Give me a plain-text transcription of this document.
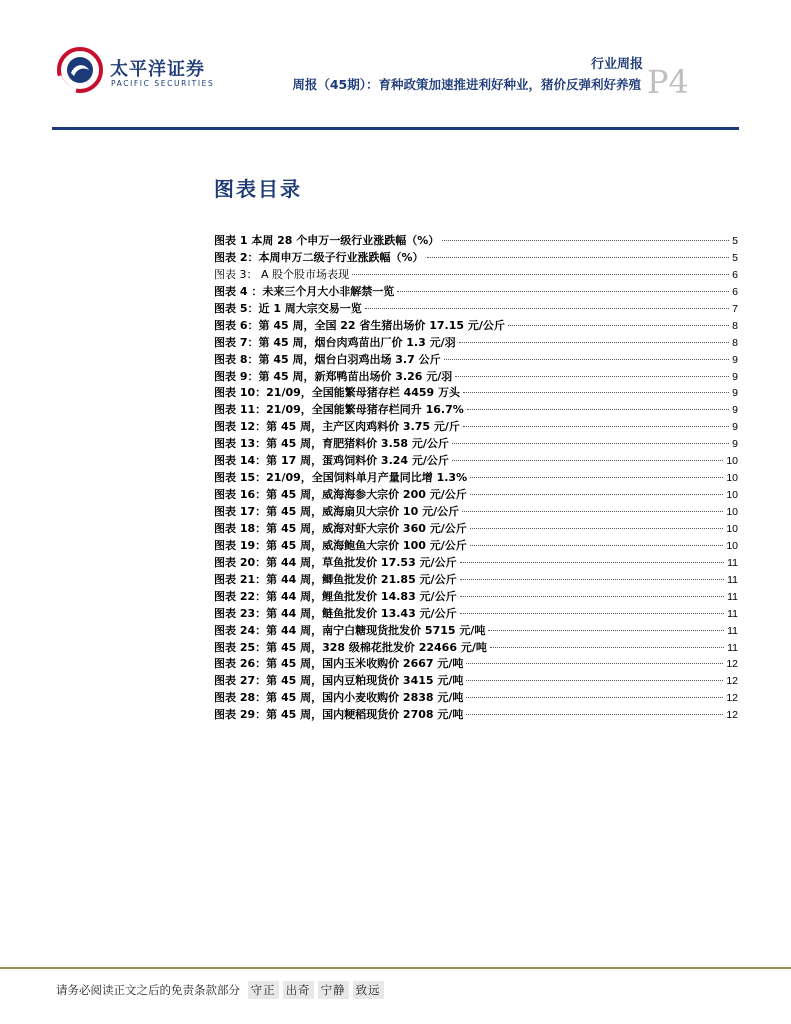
太平洋证券
PACIFIC SECURITIES
行业周报
周报（45期）：育种政策加速推进利好种业，猪价反弹利好养殖 P4
图表目录
图表 1 本周 28 个申万一级行业涨跌幅（%）	5
图表 2：本周申万二级子行业涨跌幅（%）	5
图表 3： A 股个股市场表现	6
图表 4 ：未来三个月大小非解禁一览	6
图表 5：近 1 周大宗交易一览	7
图表 6：第 45 周，全国 22 省生猪出场价 17.15 元/公斤	8
图表 7：第 45 周，烟台肉鸡苗出厂价 1.3 元/羽	8
图表 8：第 45 周，烟台白羽鸡出场 3.7 公斤	9
图表 9：第 45 周，新郑鸭苗出场价 3.26 元/羽	9
图表 10：21/09，全国能繁母猪存栏 4459 万头	9
图表 11：21/09，全国能繁母猪存栏同升 16.7%	9
图表 12：第 45 周，主产区肉鸡料价 3.75 元/斤	9
图表 13：第 45 周，育肥猪料价 3.58 元/公斤	9
图表 14：第 17 周，蛋鸡饲料价 3.24 元/公斤	10
图表 15：21/09，全国饲料单月产量同比增 1.3%	10
图表 16：第 45 周，威海海参大宗价 200 元/公斤	10
图表 17：第 45 周，威海扇贝大宗价 10 元/公斤	10
图表 18：第 45 周，威海对虾大宗价 360 元/公斤	10
图表 19：第 45 周，威海鲍鱼大宗价 100 元/公斤	10
图表 20：第 44 周，草鱼批发价 17.53 元/公斤	11
图表 21：第 44 周，鲫鱼批发价 21.85 元/公斤	11
图表 22：第 44 周，鲤鱼批发价 14.83 元/公斤	11
图表 23：第 44 周，鲢鱼批发价 13.43 元/公斤	11
图表 24：第 44 周，南宁白糖现货批发价 5715 元/吨	11
图表 25：第 45 周，328 级棉花批发价 22466 元/吨	11
图表 26：第 45 周，国内玉米收购价 2667 元/吨	12
图表 27：第 45 周，国内豆粕现货价 3415 元/吨	12
图表 28：第 45 周，国内小麦收购价 2838 元/吨	12
图表 29：第 45 周，国内粳稻现货价 2708 元/吨	12
请务必阅读正文之后的免责条款部分 守正 出奇 宁静 致远
